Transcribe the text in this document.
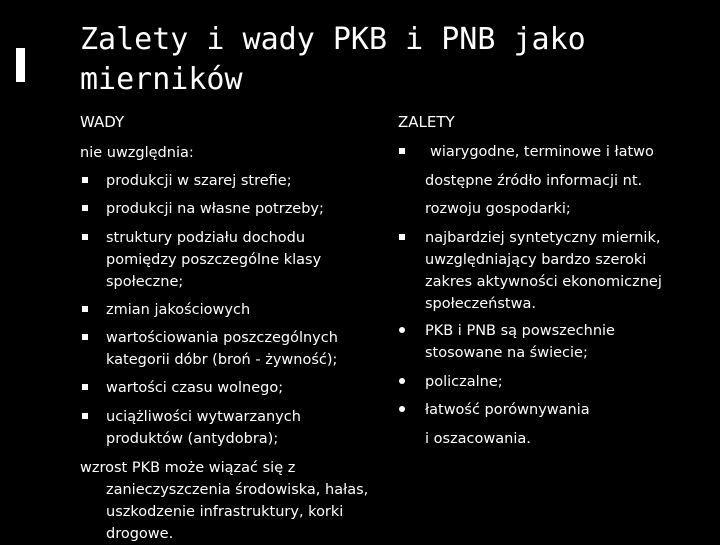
Zalety i wady PKB i PNB jako mierników
WADY	ZALETY
nie uwzględnia:
produkcji w szarej strefie;
produkcji na własne potrzeby;
struktury podziału dochodu
pomiędzy poszczególne klasy
społeczne;
zmian jakościowych
wartościowania poszczególnych
kategorii dóbr (broń - żywność);
wartości czasu wolnego;
uciążliwości wytwarzanych
produktów (antydobra);
wzrost PKB może wiązać się z
zanieczyszczenia środowiska, hałas,
uszkodzenie infrastruktury, korki
drogowe.
wiarygodne, terminowe i łatwo
dostępne źródło informacji nt.
rozwoju gospodarki;
najbardziej syntetyczny miernik,
uwzględniający bardzo szeroki
zakres aktywności ekonomicznej
społeczeństwa.
PKB i PNB są powszechnie
stosowane na świecie;
policzalne;
łatwość porównywania
i oszacowania.
